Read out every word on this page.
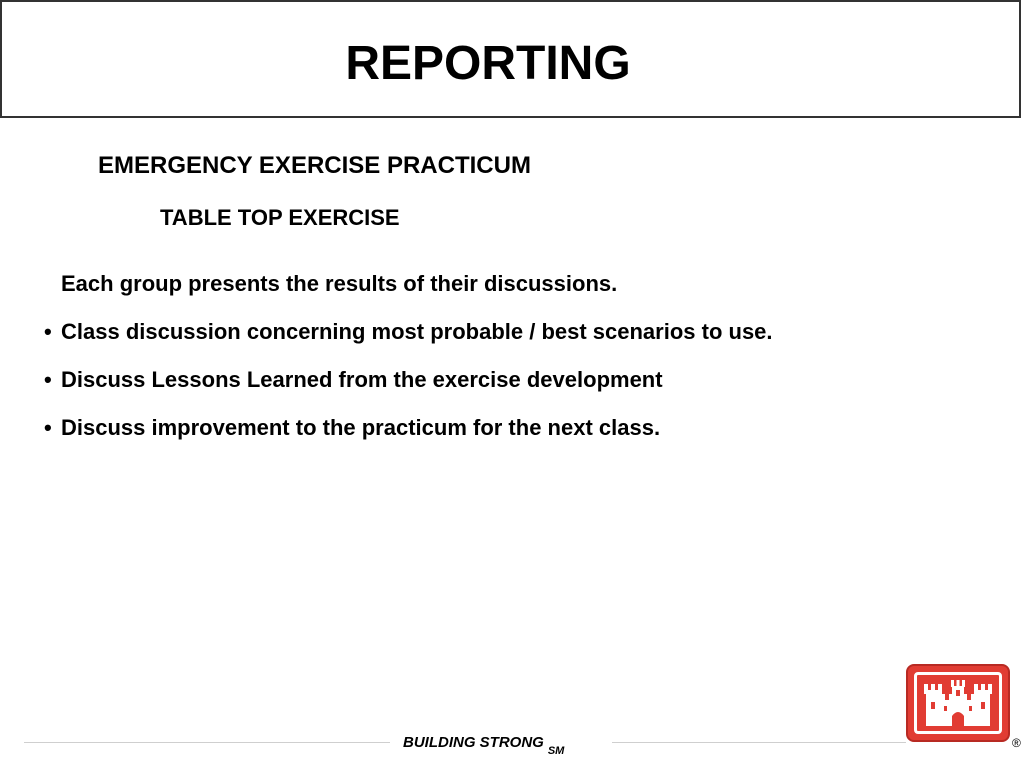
REPORTING
EMERGENCY EXERCISE PRACTICUM
TABLE TOP EXERCISE

Each group presents the results of their discussions.

• Class discussion concerning most probable / best scenarios to use.
• Discuss Lessons Learned from the exercise development
• Discuss improvement to the practicum for the next class.
BUILDING STRONG $_{SM}$
®
